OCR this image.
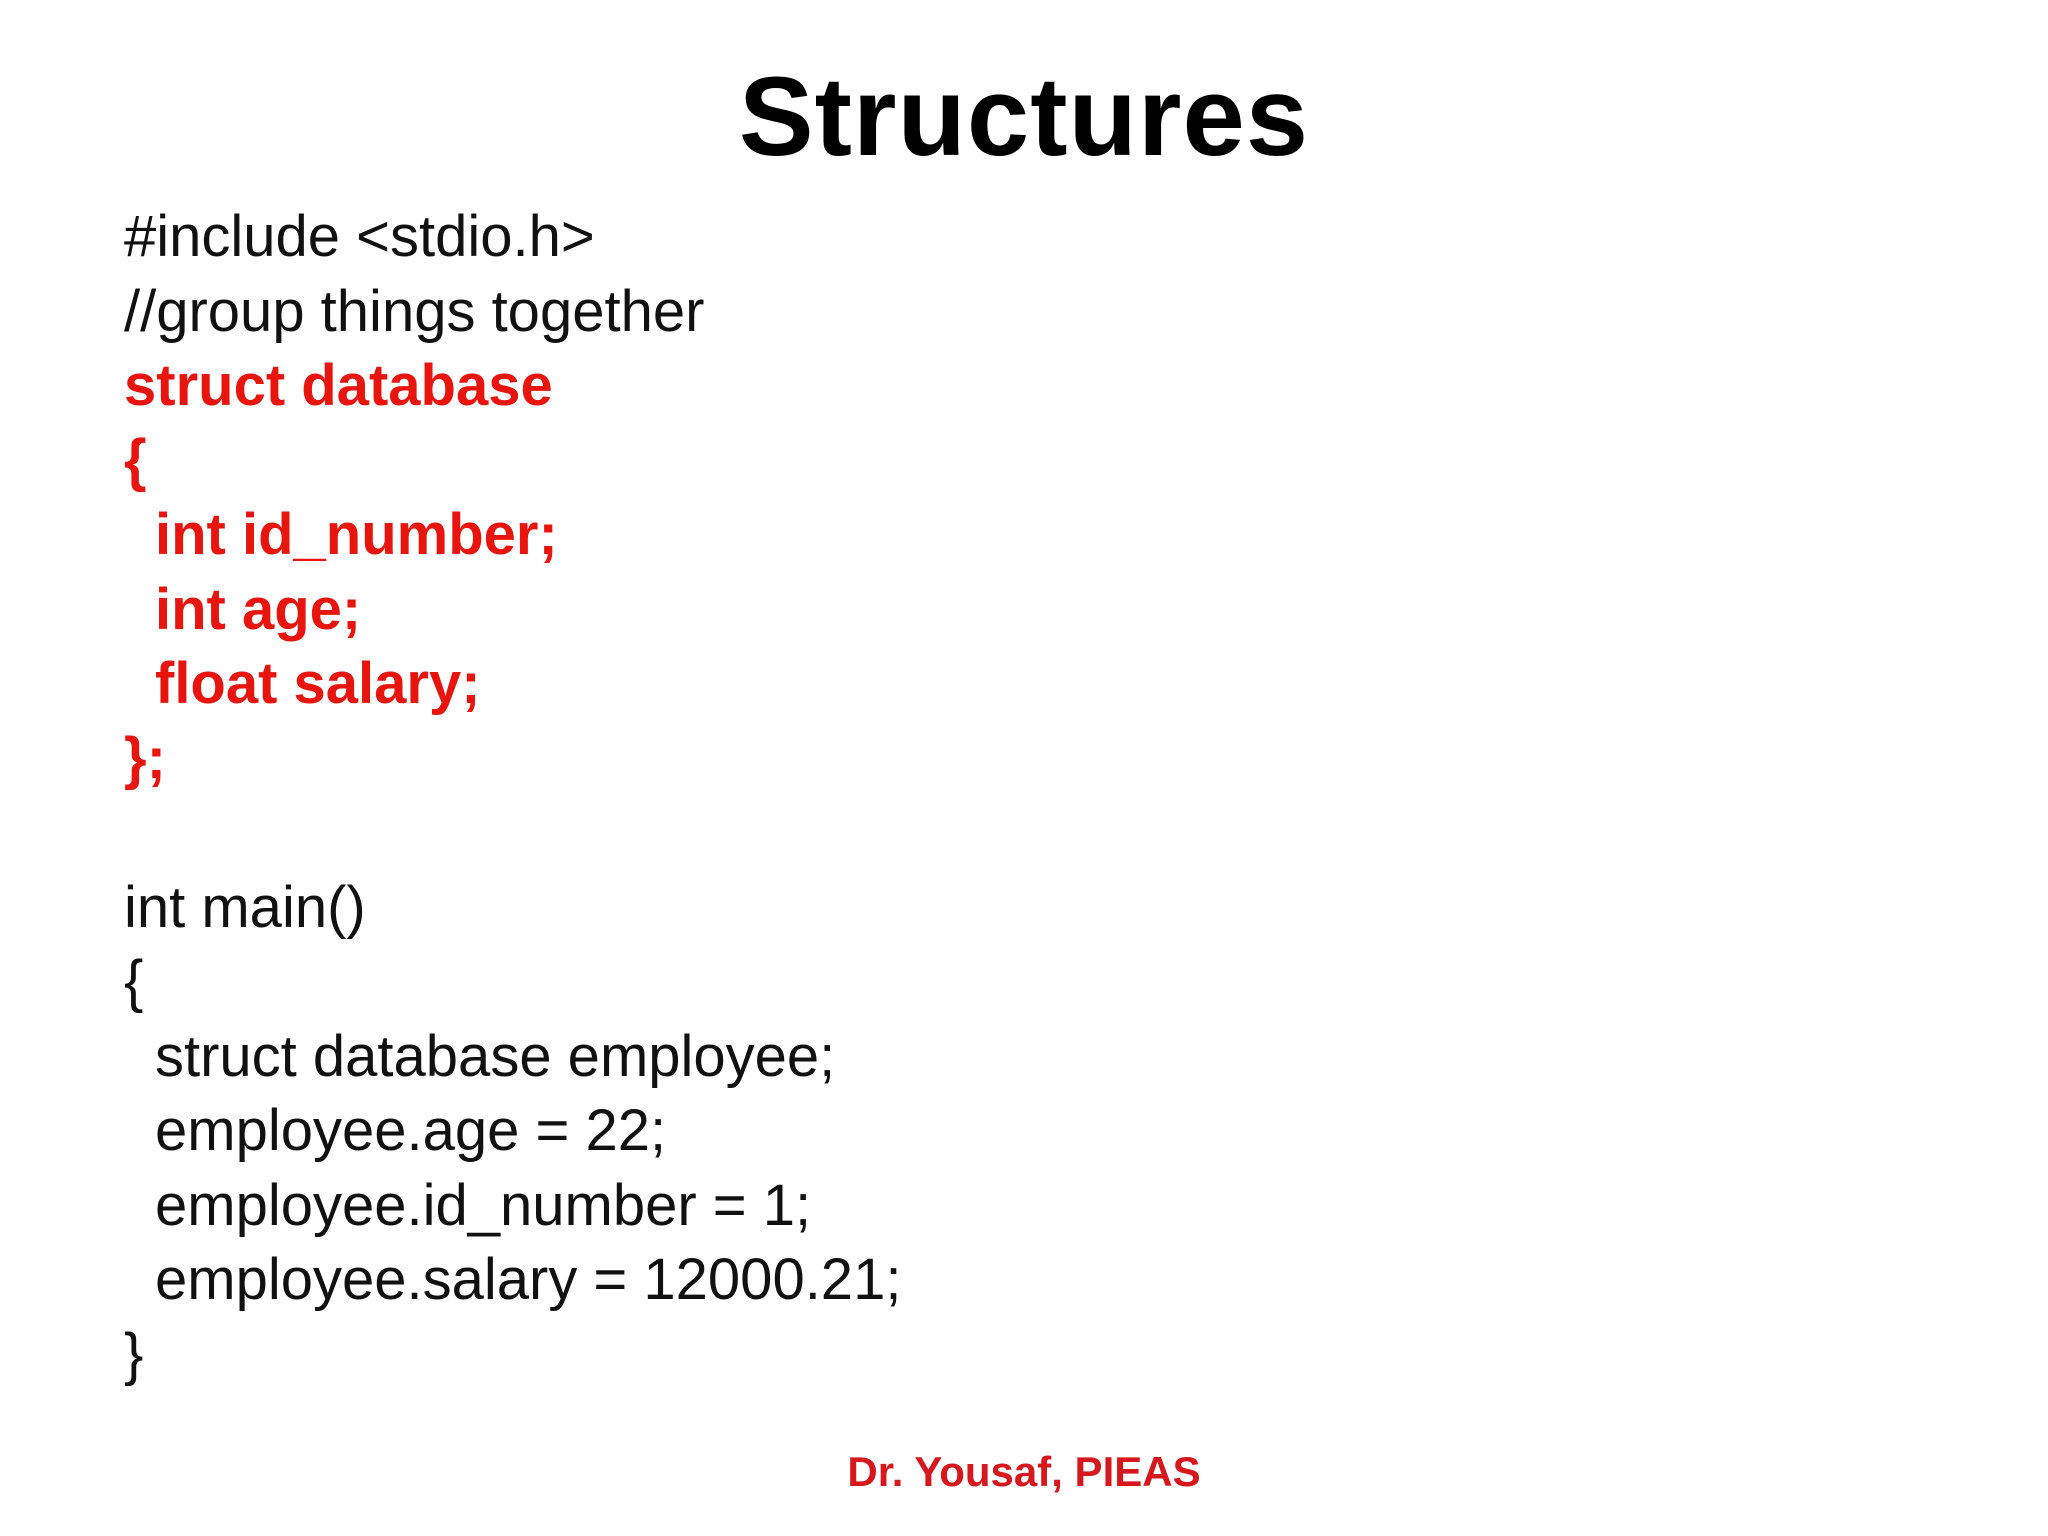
Structures
#include <stdio.h>
//group things together
struct database
{
int id_number;
int age;
float salary;
};
int main()
{
struct database employee;
employee.age = 22;
employee.id_number = 1;
employee.salary = 12000.21;
}
Dr. Yousaf, PIEAS
